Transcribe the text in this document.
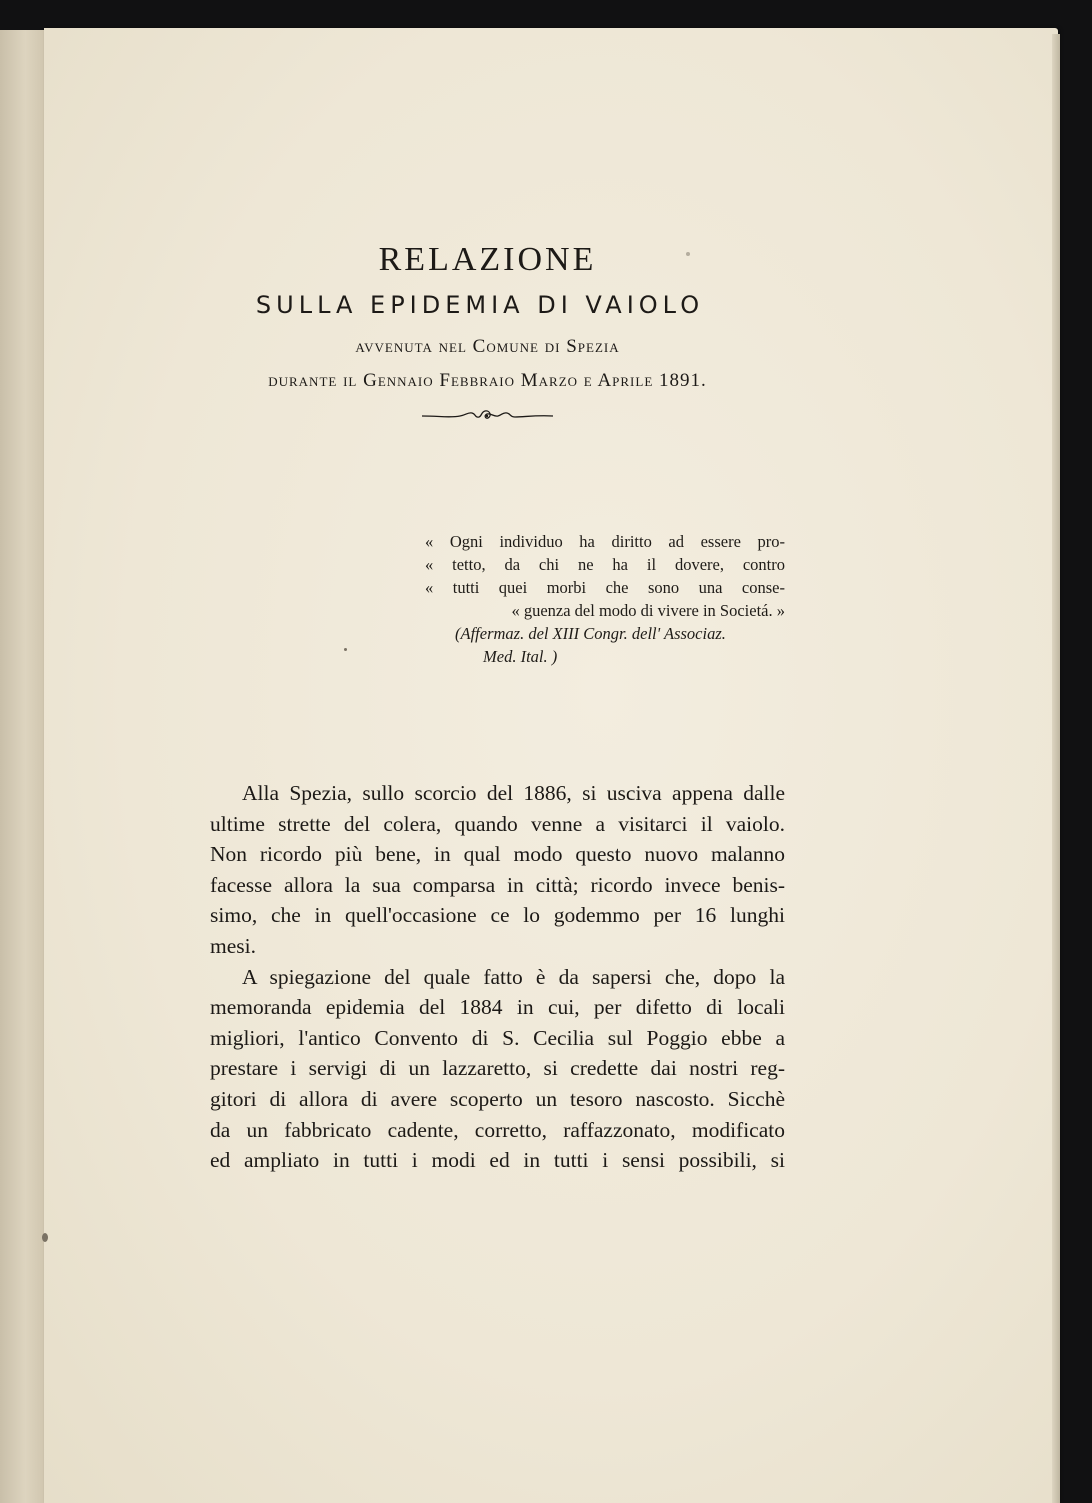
RELAZIONE
SULLA EPIDEMIA DI VAIOLO
avvenuta nel Comune di Spezia
durante il Gennaio Febbraio Marzo e Aprile 1891.
« Ogni individuo ha diritto ad essere pro-
« tetto, da chi ne ha il dovere, contro
« tutti quei morbi che sono una conse-
« guenza del modo di vivere in Societá. »
(Affermaz. del XIII Congr. dell' Associaz.
Med. Ital. )
Alla Spezia, sullo scorcio del 1886, si usciva appena dalle
ultime strette del colera, quando venne a visitarci il vaiolo.
Non ricordo più bene, in qual modo questo nuovo malanno
facesse allora la sua comparsa in città; ricordo invece benis-
simo, che in quell'occasione ce lo godemmo per 16 lunghi
mesi.
A spiegazione del quale fatto è da sapersi che, dopo la
memoranda epidemia del 1884 in cui, per difetto di locali
migliori, l'antico Convento di S. Cecilia sul Poggio ebbe a
prestare i servigi di un lazzaretto, si credette dai nostri reg-
gitori di allora di avere scoperto un tesoro nascosto. Sicchè
da un fabbricato cadente, corretto, raffazzonato, modificato
ed ampliato in tutti i modi ed in tutti i sensi possibili, si
